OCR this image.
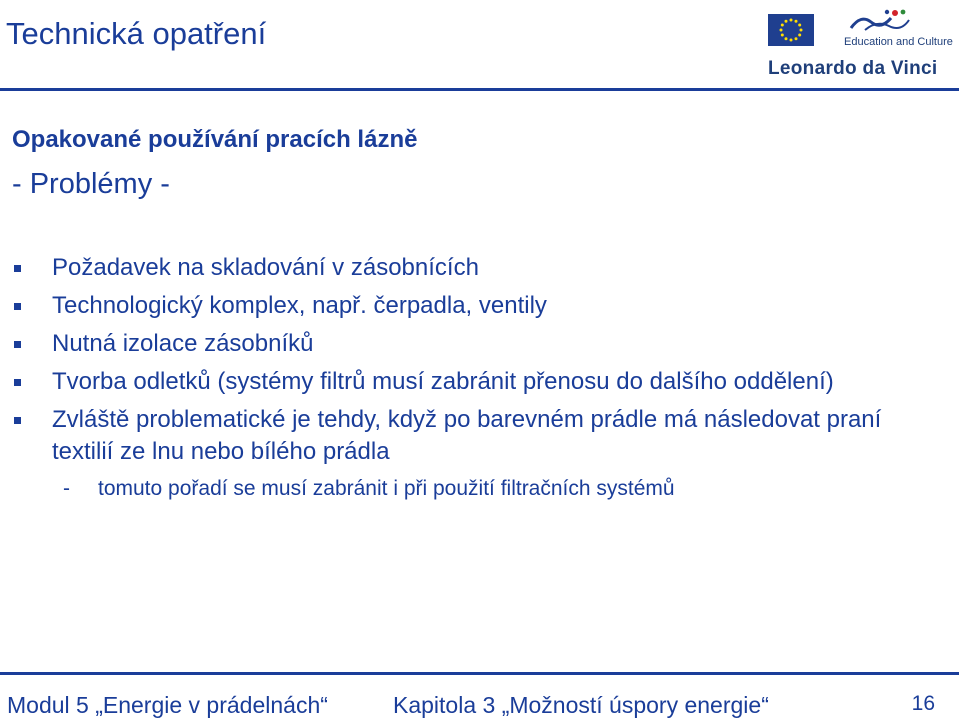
Technická opatření	Education and Culture
Leonardo da Vinci
Opakované používání pracích lázně
- Problémy -
Požadavek na skladování v zásobnících
Technologický komplex, např. čerpadla, ventily
Nutná izolace zásobníků
Tvorba odletků (systémy filtrů musí zabránit přenosu do dalšího oddělení)
Zvláště problematické je tehdy, když po barevném prádle má následovat praní textilií ze lnu nebo bílého prádla
- tomuto pořadí se musí zabránit i při použití filtračních systémů
Modul 5 „Energie v prádelnách“	Kapitola 3 „Možností úspory energie“	16
